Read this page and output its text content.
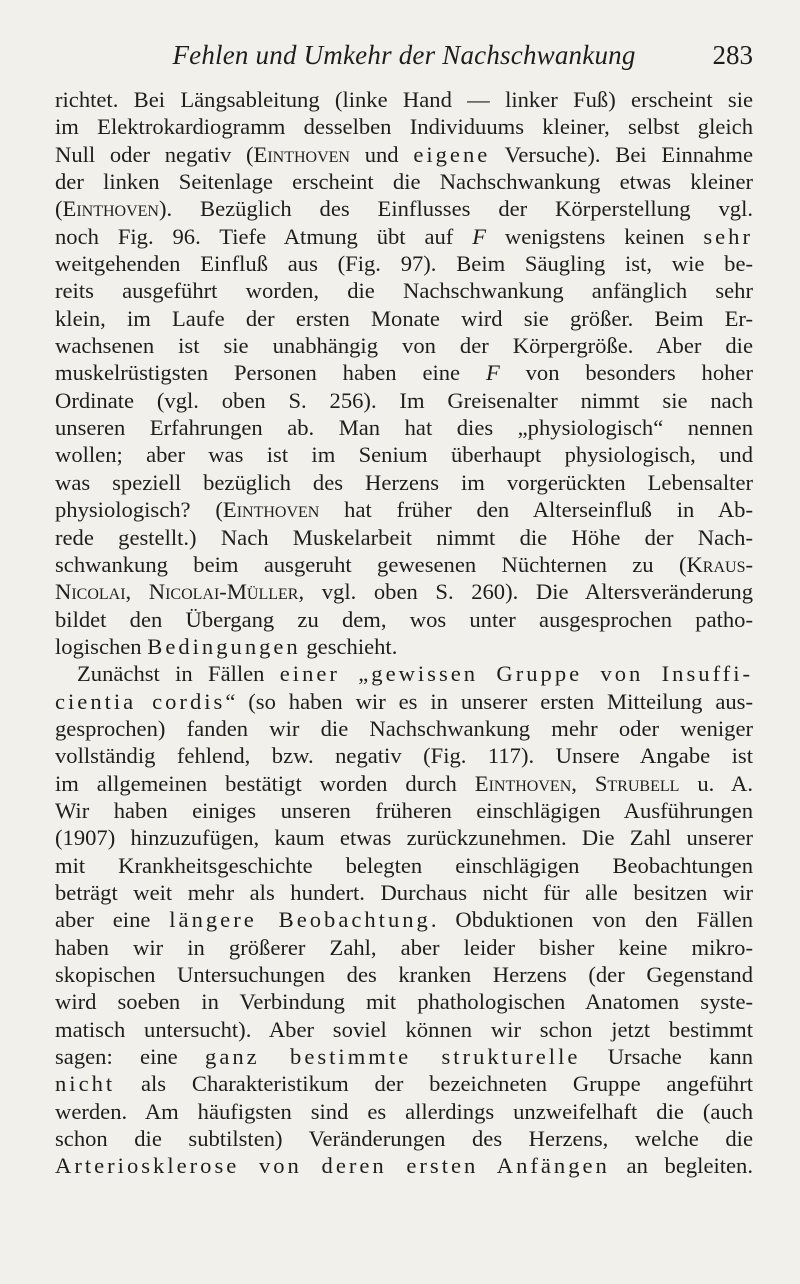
Fehlen und Umkehr der Nachschwankung	283
richtet. Bei Längsableitung (linke Hand — linker Fuß) erscheint sie
im Elektrokardiogramm desselben Individuums kleiner, selbst gleich
Null oder negativ (Einthoven und eigene Versuche). Bei Einnahme
der linken Seitenlage erscheint die Nachschwankung etwas kleiner
(Einthoven). Bezüglich des Einflusses der Körperstellung vgl.
noch Fig. 96. Tiefe Atmung übt auf F wenigstens keinen sehr
weitgehenden Einfluß aus (Fig. 97). Beim Säugling ist, wie be-
reits ausgeführt worden, die Nachschwankung anfänglich sehr
klein, im Laufe der ersten Monate wird sie größer. Beim Er-
wachsenen ist sie unabhängig von der Körpergröße. Aber die
muskelrüstigsten Personen haben eine F von besonders hoher
Ordinate (vgl. oben S. 256). Im Greisenalter nimmt sie nach
unseren Erfahrungen ab. Man hat dies „physiologisch“ nennen
wollen; aber was ist im Senium überhaupt physiologisch, und
was speziell bezüglich des Herzens im vorgerückten Lebensalter
physiologisch? (Einthoven hat früher den Alterseinfluß in Ab-
rede gestellt.) Nach Muskelarbeit nimmt die Höhe der Nach-
schwankung beim ausgeruht gewesenen Nüchternen zu (Kraus-
Nicolai, Nicolai-Müller, vgl. oben S. 260). Die Altersveränderung
bildet den Übergang zu dem, wos unter ausgesprochen patho-
logischen Bedingungen geschieht.
Zunächst in Fällen einer „gewissen Gruppe von Insuffi-
cientia cordis“ (so haben wir es in unserer ersten Mitteilung aus-
gesprochen) fanden wir die Nachschwankung mehr oder weniger
vollständig fehlend, bzw. negativ (Fig. 117). Unsere Angabe ist
im allgemeinen bestätigt worden durch Einthoven, Strubell u. A.
Wir haben einiges unseren früheren einschlägigen Ausführungen
(1907) hinzuzufügen, kaum etwas zurückzunehmen. Die Zahl unserer
mit Krankheitsgeschichte belegten einschlägigen Beobachtungen
beträgt weit mehr als hundert. Durchaus nicht für alle besitzen wir
aber eine längere Beobachtung. Obduktionen von den Fällen
haben wir in größerer Zahl, aber leider bisher keine mikro-
skopischen Untersuchungen des kranken Herzens (der Gegenstand
wird soeben in Verbindung mit phathologischen Anatomen syste-
matisch untersucht). Aber soviel können wir schon jetzt bestimmt
sagen: eine ganz bestimmte strukturelle Ursache kann
nicht als Charakteristikum der bezeichneten Gruppe angeführt
werden. Am häufigsten sind es allerdings unzweifelhaft die (auch
schon die subtilsten) Veränderungen des Herzens, welche die
Arteriosklerose von deren ersten Anfängen an begleiten.
